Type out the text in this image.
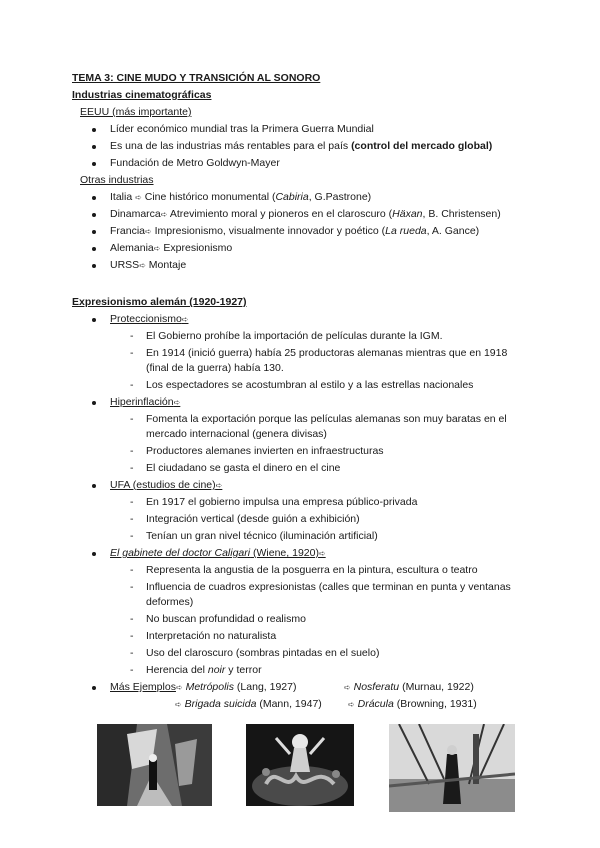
TEMA 3: CINE MUDO Y TRANSICIÓN AL SONORO
Industrias cinematográficas
EEUU (más importante)
Líder económico mundial tras la Primera Guerra Mundial
Es una de las industrias más rentables para el país (control del mercado global)
Fundación de Metro Goldwyn-Mayer
Otras industrias
Italia ➪ Cine histórico monumental (Cabiria, G.Pastrone)
Dinamarca➪ Atrevimiento moral y pioneros en el claroscuro (Häxan, B. Christensen)
Francia➪ Impresionismo, visualmente innovador y poético (La rueda, A. Gance)
Alemania➪ Expresionismo
URSS➪ Montaje
Expresionismo alemán (1920-1927)
Proteccionismo➪
- El Gobierno prohíbe la importación de películas durante la IGM.
- En 1914 (inició guerra) había 25 productoras alemanas mientras que en 1918
(final de la guerra) había 130.
- Los espectadores se acostumbran al estilo y a las estrellas nacionales
Hiperinflación➪
- Fomenta la exportación porque las películas alemanas son muy baratas en el
mercado internacional (genera divisas)
- Productores alemanes invierten en infraestructuras
- El ciudadano se gasta el dinero en el cine
UFA (estudios de cine)➪
- En 1917 el gobierno impulsa una empresa público-privada
- Integración vertical (desde guión a exhibición)
- Tenían un gran nivel técnico (iluminación artificial)
El gabinete del doctor Caligari (Wiene, 1920)➪
- Representa la angustia de la posguerra en la pintura, escultura o teatro
- Influencia de cuadros expresionistas (calles que terminan en punta y ventanas
deformes)
- No buscan profundidad o realismo
- Interpretación no naturalista
- Uso del claroscuro (sombras pintadas en el suelo)
- Herencia del noir y terror
Más Ejemplos➪ Metrópolis (Lang, 1927)	➪ Nosferatu (Murnau, 1922)
➪ Brigada suicida (Mann, 1947)	➪ Drácula (Browning, 1931)
